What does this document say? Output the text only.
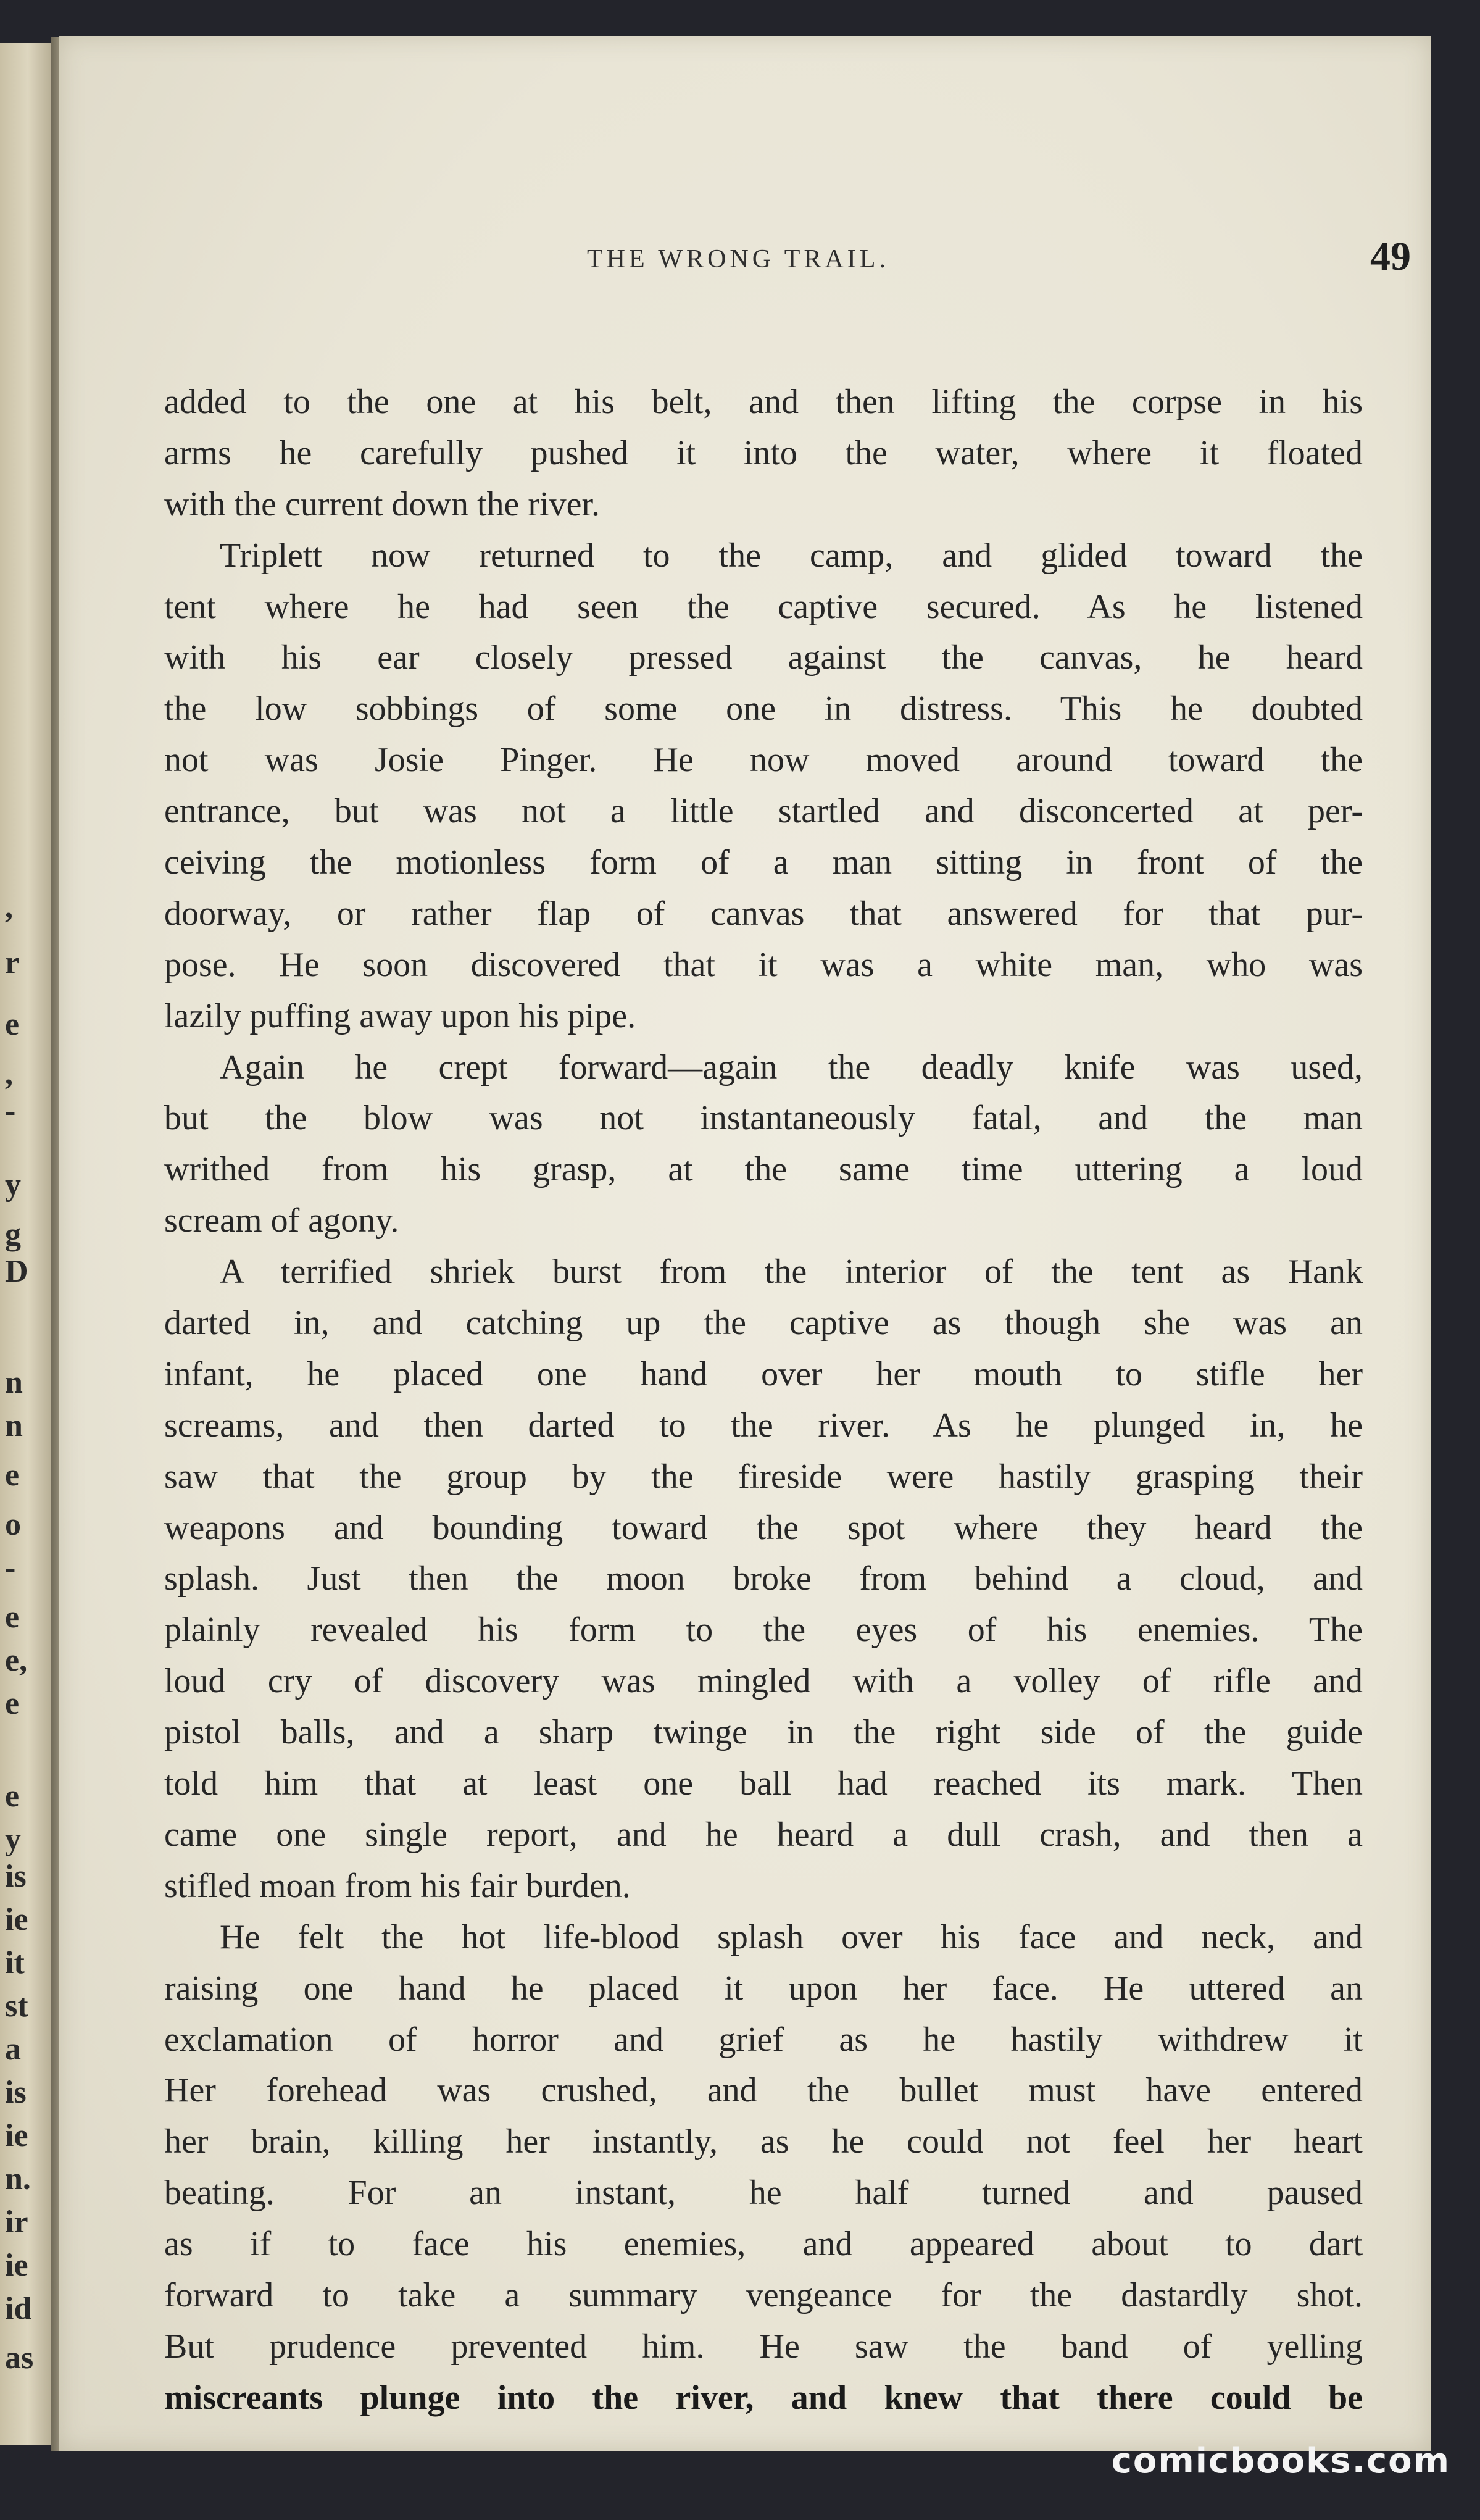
,
r
e
,
-
y
g
D
n
n
e
o
-
e
e,
e
e
y
is
ie
it
st
a
is
ie
n.
ir
ie
id
as
THE WRONG TRAIL.	49
added to the one at his belt, and then lifting the corpse in his
arms he carefully pushed it into the water, where it floated
with the current down the river.
Triplett now returned to the camp, and glided toward the
tent where he had seen the captive secured. As he listened
with his ear closely pressed against the canvas, he heard
the low sobbings of some one in distress. This he doubted
not was Josie Pinger. He now moved around toward the
entrance, but was not a little startled and disconcerted at per-
ceiving the motionless form of a man sitting in front of the
doorway, or rather flap of canvas that answered for that pur-
pose. He soon discovered that it was a white man, who was
lazily puffing away upon his pipe.
Again he crept forward—again the deadly knife was used,
but the blow was not instantaneously fatal, and the man
writhed from his grasp, at the same time uttering a loud
scream of agony.
A terrified shriek burst from the interior of the tent as Hank
darted in, and catching up the captive as though she was an
infant, he placed one hand over her mouth to stifle her
screams, and then darted to the river. As he plunged in, he
saw that the group by the fireside were hastily grasping their
weapons and bounding toward the spot where they heard the
splash. Just then the moon broke from behind a cloud, and
plainly revealed his form to the eyes of his enemies. The
loud cry of discovery was mingled with a volley of rifle and
pistol balls, and a sharp twinge in the right side of the guide
told him that at least one ball had reached its mark. Then
came one single report, and he heard a dull crash, and then a
stifled moan from his fair burden.
He felt the hot life-blood splash over his face and neck, and
raising one hand he placed it upon her face. He uttered an
exclamation of horror and grief as he hastily withdrew it
Her forehead was crushed, and the bullet must have entered
her brain, killing her instantly, as he could not feel her heart
beating. For an instant, he half turned and paused
as if to face his enemies, and appeared about to dart
forward to take a summary vengeance for the dastardly shot.
But prudence prevented him. He saw the band of yelling
miscreants plunge into the river, and knew that there could be
comicbooks.com
